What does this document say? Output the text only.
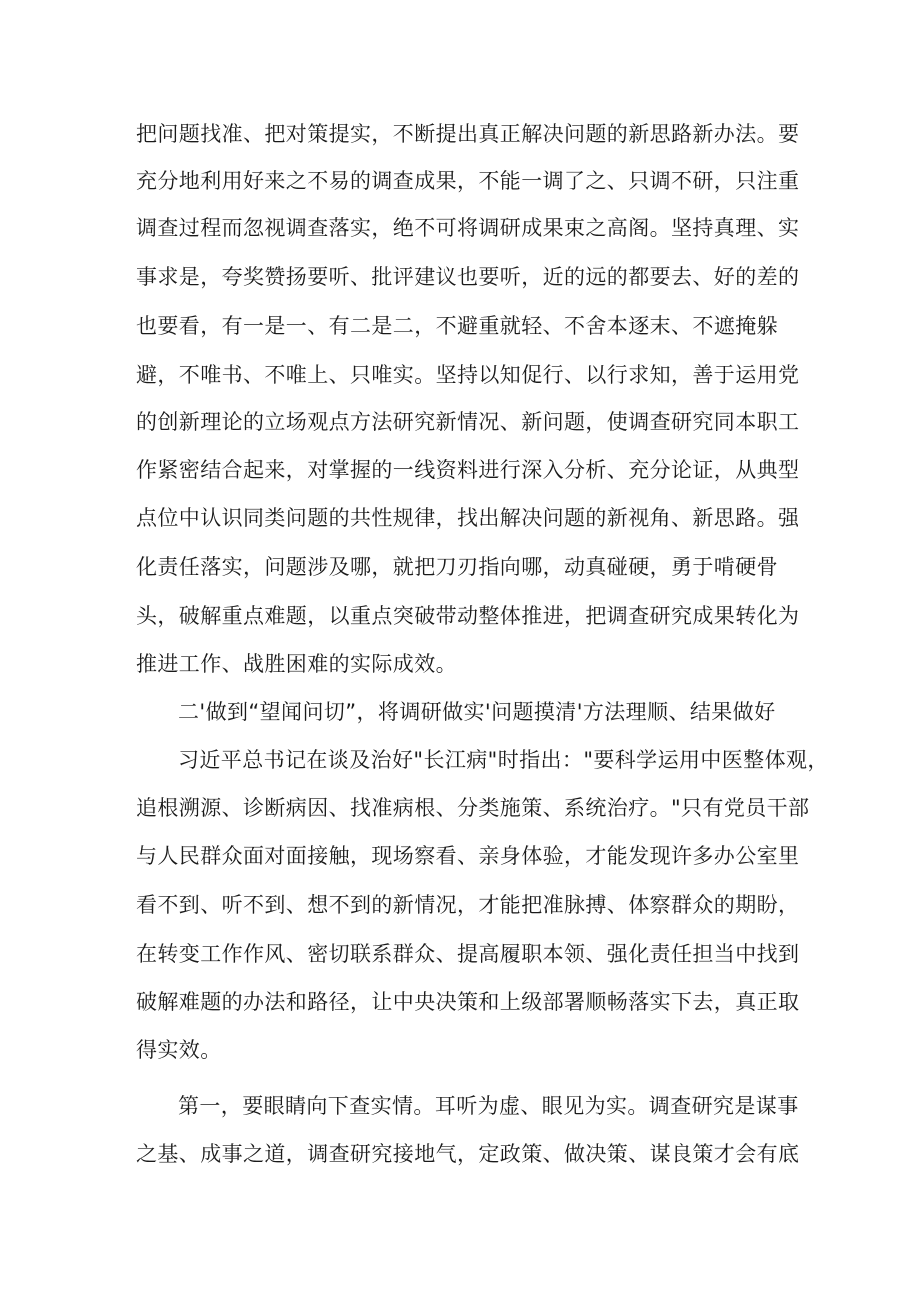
把问题找准、把对策提实，不断提出真正解决问题的新思路新办法。要
充分地利用好来之不易的调查成果，不能一调了之、只调不研，只注重
调查过程而忽视调查落实，绝不可将调研成果束之高阁。坚持真理、实
事求是，夸奖赞扬要听、批评建议也要听，近的远的都要去、好的差的
也要看，有一是一、有二是二，不避重就轻、不舍本逐末、不遮掩躲
避，不唯书、不唯上、只唯实。坚持以知促行、以行求知，善于运用党
的创新理论的立场观点方法研究新情况、新问题，使调查研究同本职工
作紧密结合起来，对掌握的一线资料进行深入分析、充分论证，从典型
点位中认识同类问题的共性规律，找出解决问题的新视角、新思路。强
化责任落实，问题涉及哪，就把刀刃指向哪，动真碰硬，勇于啃硬骨
头，破解重点难题，以重点突破带动整体推进，把调查研究成果转化为
推进工作、战胜困难的实际成效。
二'做到“望闻问切”，将调研做实'问题摸清'方法理顺、结果做好
习近平总书记在谈及治好"长江病"时指出："要科学运用中医整体观，
追根溯源、诊断病因、找准病根、分类施策、系统治疗。"只有党员干部
与人民群众面对面接触，现场察看、亲身体验，才能发现许多办公室里
看不到、听不到、想不到的新情况，才能把准脉搏、体察群众的期盼，
在转变工作作风、密切联系群众、提高履职本领、强化责任担当中找到
破解难题的办法和路径，让中央决策和上级部署顺畅落实下去，真正取
得实效。
第一，要眼睛向下查实情。耳听为虚、眼见为实。调查研究是谋事
之基、成事之道，调查研究接地气，定政策、做决策、谋良策才会有底
